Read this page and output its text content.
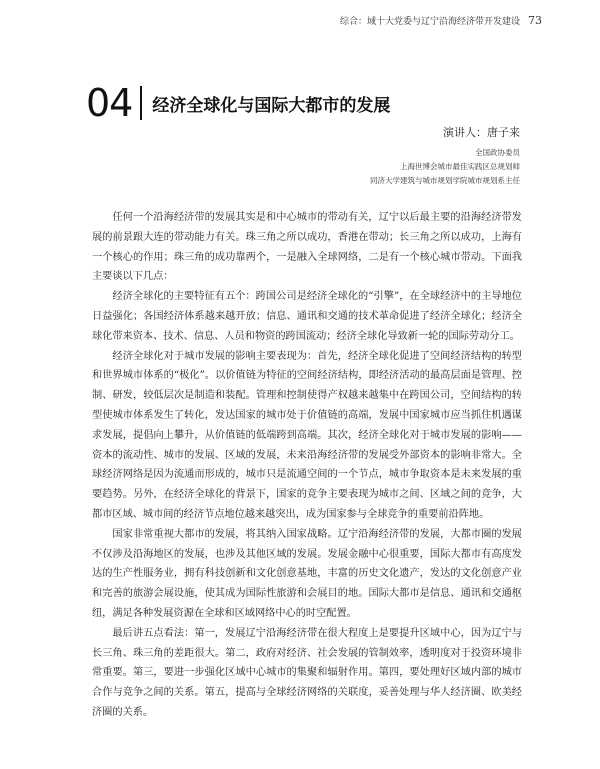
综合：域十大党委与辽宁沿海经济带开发建设 73
04 经济全球化与国际大都市的发展
演讲人：唐子来
全国政协委员
上海世博会城市最佳实践区总规划师
同济大学建筑与城市规划学院城市规划系主任

任何一个沿海经济带的发展其实是和中心城市的带动有关，辽宁以后最主要的沿海经济带发展的前景跟大连的带动能力有关。珠三角之所以成功，香港在带动；长三角之所以成功，上海有一个核心的作用；珠三角的成功靠两个，一是融入全球网络，二是有一个核心城市带动。下面我主要谈以下几点：

经济全球化的主要特征有五个：跨国公司是经济全球化的“引擎”，在全球经济中的主导地位日益强化；各国经济体系越来越开放；信息、通讯和交通的技术革命促进了经济全球化；经济全球化带来资本、技术、信息、人员和物资的跨国流动；经济全球化导致新一轮的国际劳动分工。

经济全球化对于城市发展的影响主要表现为：首先，经济全球化促进了空间经济结构的转型和世界城市体系的“极化”。以价值链为特征的空间经济结构，即经济活动的最高层面是管理、控制、研发，较低层次是制造和装配。管理和控制使得产权越来越集中在跨国公司，空间结构的转型使城市体系发生了转化，发达国家的城市处于价值链的高端，发展中国家城市应当抓住机遇谋求发展，提倡向上攀升，从价值链的低端跨到高端。其次，经济全球化对于城市发展的影响——资本的流动性、城市的发展、区域的发展，未来沿海经济带的发展受外部资本的影响非常大。全球经济网络是因为流通而形成的，城市只是流通空间的一个节点，城市争取资本是未来发展的重要趋势。另外，在经济全球化的背景下，国家的竞争主要表现为城市之间、区域之间的竞争，大都市区域、城市间的经济节点地位越来越突出，成为国家参与全球竞争的重要前沿阵地。

国家非常重视大都市的发展，将其纳入国家战略。辽宁沿海经济带的发展，大都市圈的发展不仅涉及沿海地区的发展，也涉及其他区域的发展。发展金融中心很重要，国际大都市有高度发达的生产性服务业，拥有科技创新和文化创意基地，丰富的历史文化遗产，发达的文化创意产业和完善的旅游会展设施，使其成为国际性旅游和会展目的地。国际大都市是信息、通讯和交通枢纽，满足各种发展资源在全球和区域网络中心的时空配置。

最后讲五点看法：第一，发展辽宁沿海经济带在很大程度上是要提升区域中心，因为辽宁与长三角、珠三角的差距很大。第二，政府对经济、社会发展的管制效率，透明度对于投资环境非常重要。第三，要进一步强化区域中心城市的集聚和辐射作用。第四，要处理好区域内部的城市合作与竞争之间的关系。第五，提高与全球经济网络的关联度，妥善处理与华人经济圈、欧美经济圈的关系。
